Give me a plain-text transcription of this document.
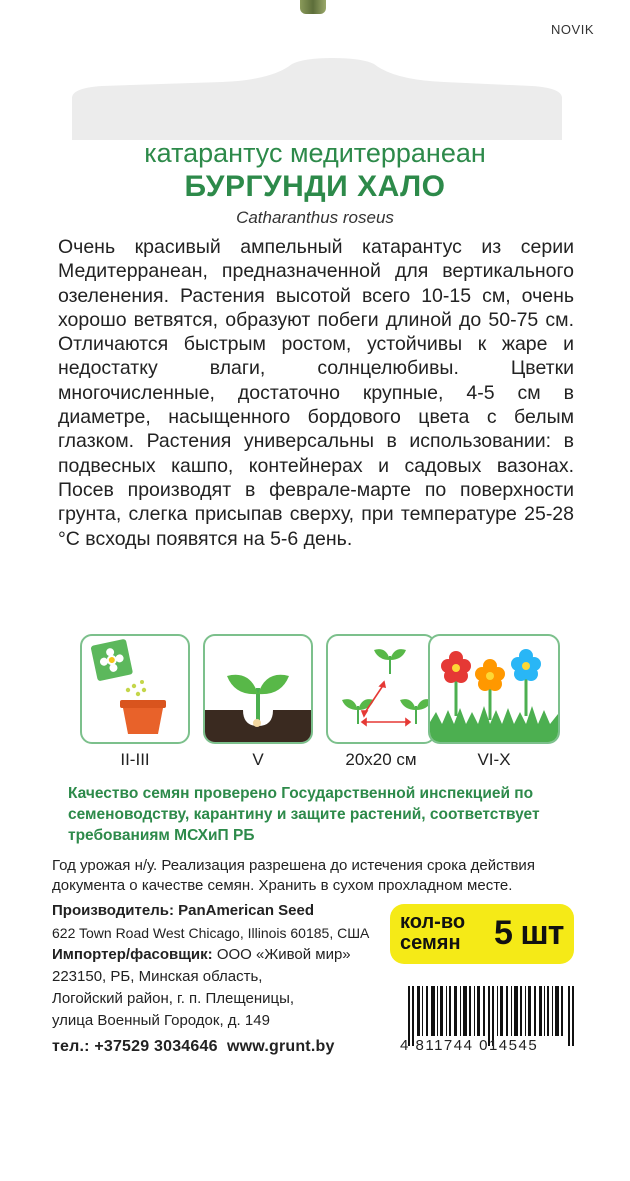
NOVIK
катарантус медитерранеан
БУРГУНДИ ХАЛО
Catharanthus roseus
Очень красивый ампельный катарантус из серии Медитерранеан, предназначенной для вертикального озеленения. Растения высотой всего 10-15 см, очень хорошо ветвятся, образуют побеги длиной до 50-75 см. Отличаются быстрым ростом, устойчивы к жаре и недостатку влаги, солнцелюбивы. Цветки многочисленные, достаточно крупные, 4-5 см в диаметре, насыщенного бордового цвета с белым глазком. Растения универсальны в использовании: в подвесных кашпо, контейнерах и садовых вазонах. Посев производят в феврале-марте по поверхности грунта, слегка присыпав сверху, при температуре 25-28 °С всходы появятся на 5-6 день.
II-III	V	20x20 см	VI-X
Качество семян проверено Государственной инспекцией по семеноводству, карантину и защите растений, соответствует требованиям МСХиП РБ
Год урожая н/у. Реализация разрешена до истечения срока действия документа о качестве семян. Хранить в сухом прохладном месте.
Производитель: PanAmerican Seed
622 Town Road West Chicago, Illinois 60185, США
Импортер/фасовщик: ООО «Живой мир»
223150, РБ, Минская область,
Логойский район, г. п. Плещеницы,
улица Военный Городок, д. 149
тел.: +37529 3034646  www.grunt.by
кол-во
семян 5 шт
4 811744 014545
